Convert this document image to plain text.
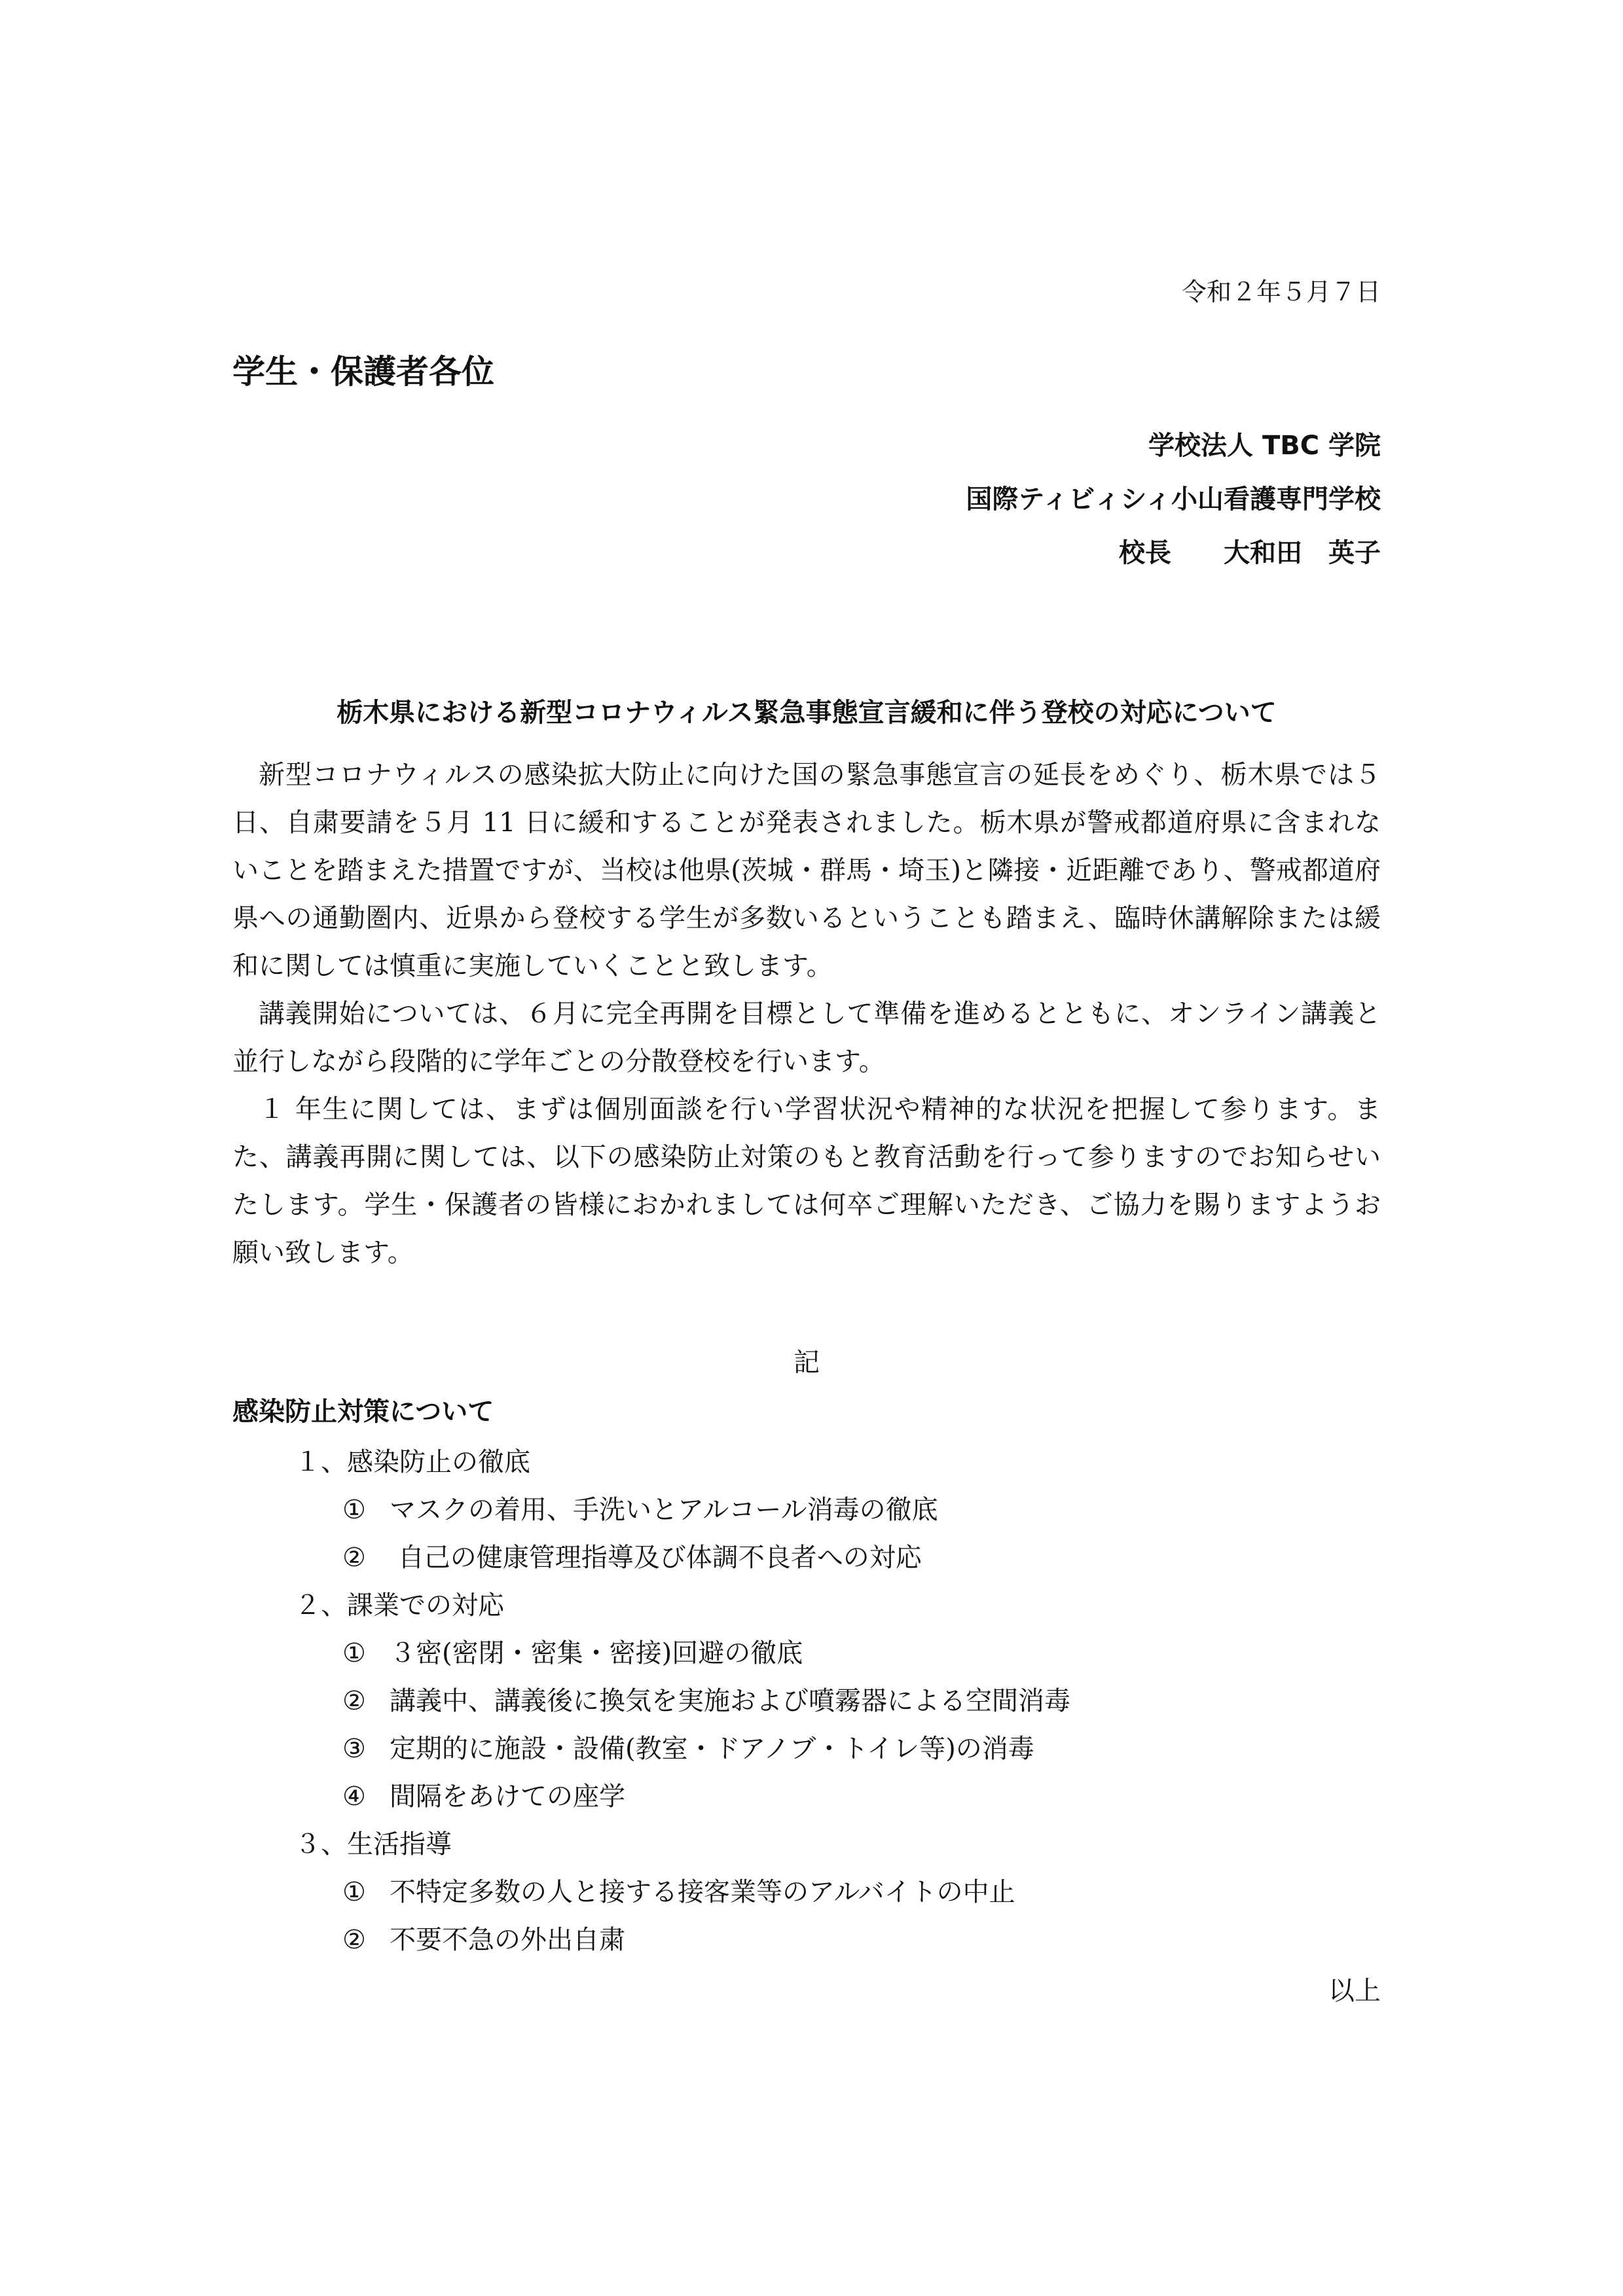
令和２年５月７日
学生・保護者各位
学校法人 TBC 学院
国際ティビィシィ小山看護専門学校
校長　　大和田　英子
栃木県における新型コロナウィルス緊急事態宣言緩和に伴う登校の対応について

新型コロナウィルスの感染拡大防止に向けた国の緊急事態宣言の延長をめぐり、栃木県では５日、自粛要請を５月 11 日に緩和することが発表されました。栃木県が警戒都道府県に含まれないことを踏まえた措置ですが、当校は他県(茨城・群馬・埼玉)と隣接・近距離であり、警戒都道府県への通勤圏内、近県から登校する学生が多数いるということも踏まえ、臨時休講解除または緩和に関しては慎重に実施していくことと致します。

講義開始については、６月に完全再開を目標として準備を進めるとともに、オンライン講義と並行しながら段階的に学年ごとの分散登校を行います。

１ 年生に関しては、まずは個別面談を行い学習状況や精神的な状況を把握して参ります。また、講義再開に関しては、以下の感染防止対策のもと教育活動を行って参りますのでお知らせいたします。学生・保護者の皆様におかれましては何卒ご理解いただき、ご協力を賜りますようお願い致します。

記
感染防止対策について
１、感染防止の徹底
① マスクの着用、手洗いとアルコール消毒の徹底
② 自己の健康管理指導及び体調不良者への対応
２、課業での対応
① ３密(密閉・密集・密接)回避の徹底
② 講義中、講義後に換気を実施および噴霧器による空間消毒
③ 定期的に施設・設備(教室・ドアノブ・トイレ等)の消毒
④ 間隔をあけての座学
３、生活指導
① 不特定多数の人と接する接客業等のアルバイトの中止
② 不要不急の外出自粛
以上
